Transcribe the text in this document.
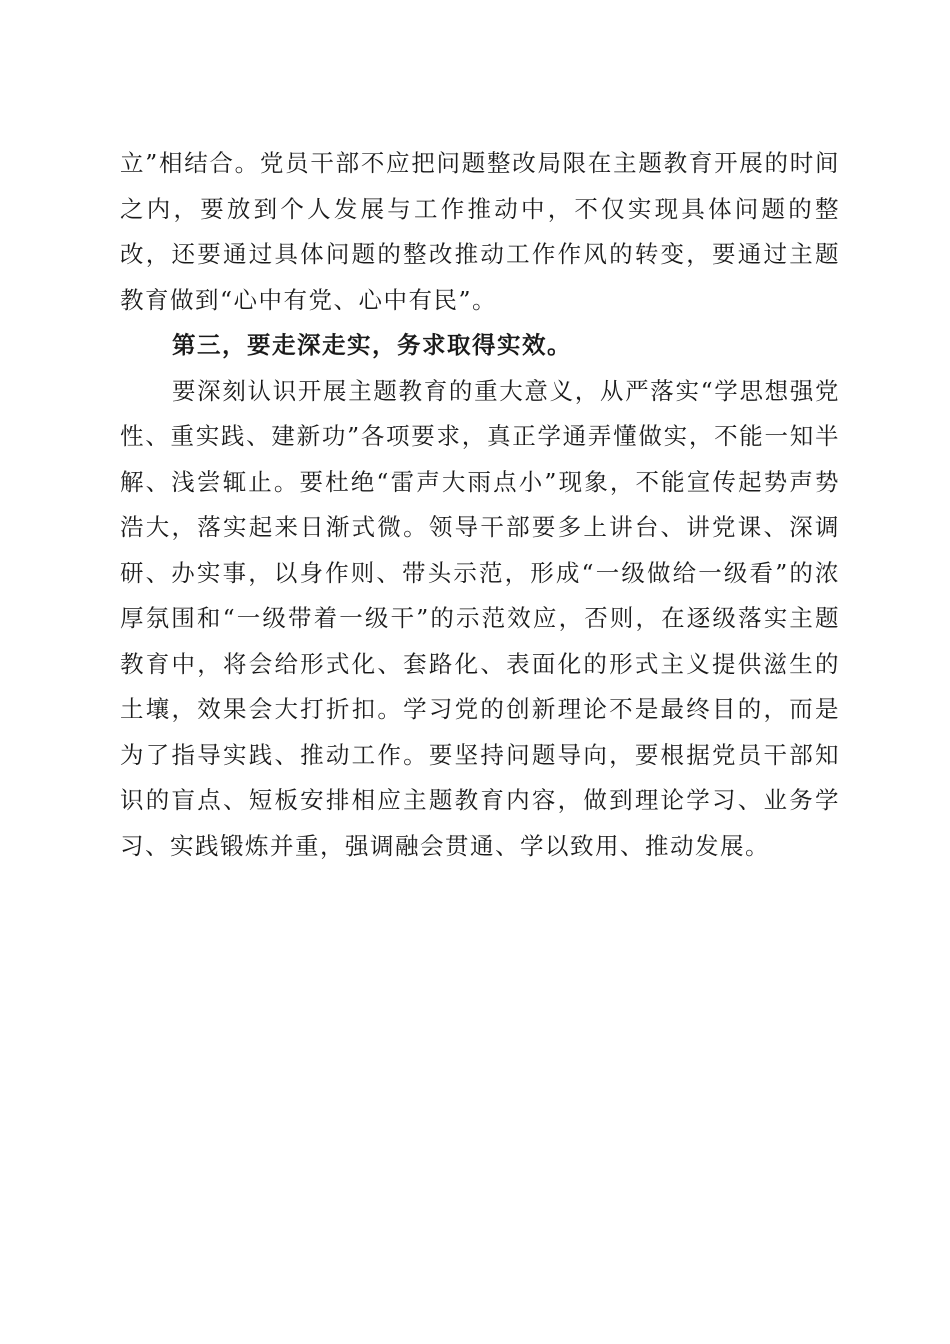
立”相结合。党员干部不应把问题整改局限在主题教育开展的时间之内，要放到个人发展与工作推动中，不仅实现具体问题的整改，还要通过具体问题的整改推动工作作风的转变，要通过主题教育做到“心中有党、心中有民”。

第三，要走深走实，务求取得实效。

要深刻认识开展主题教育的重大意义，从严落实“学思想强党性、重实践、建新功”各项要求，真正学通弄懂做实，不能一知半解、浅尝辄止。要杜绝“雷声大雨点小”现象，不能宣传起势声势浩大，落实起来日渐式微。领导干部要多上讲台、讲党课、深调研、办实事，以身作则、带头示范，形成“一级做给一级看”的浓厚氛围和“一级带着一级干”的示范效应，否则，在逐级落实主题教育中，将会给形式化、套路化、表面化的形式主义提供滋生的土壤，效果会大打折扣。学习党的创新理论不是最终目的，而是为了指导实践、推动工作。要坚持问题导向，要根据党员干部知识的盲点、短板安排相应主题教育内容，做到理论学习、业务学习、实践锻炼并重，强调融会贯通、学以致用、推动发展。
